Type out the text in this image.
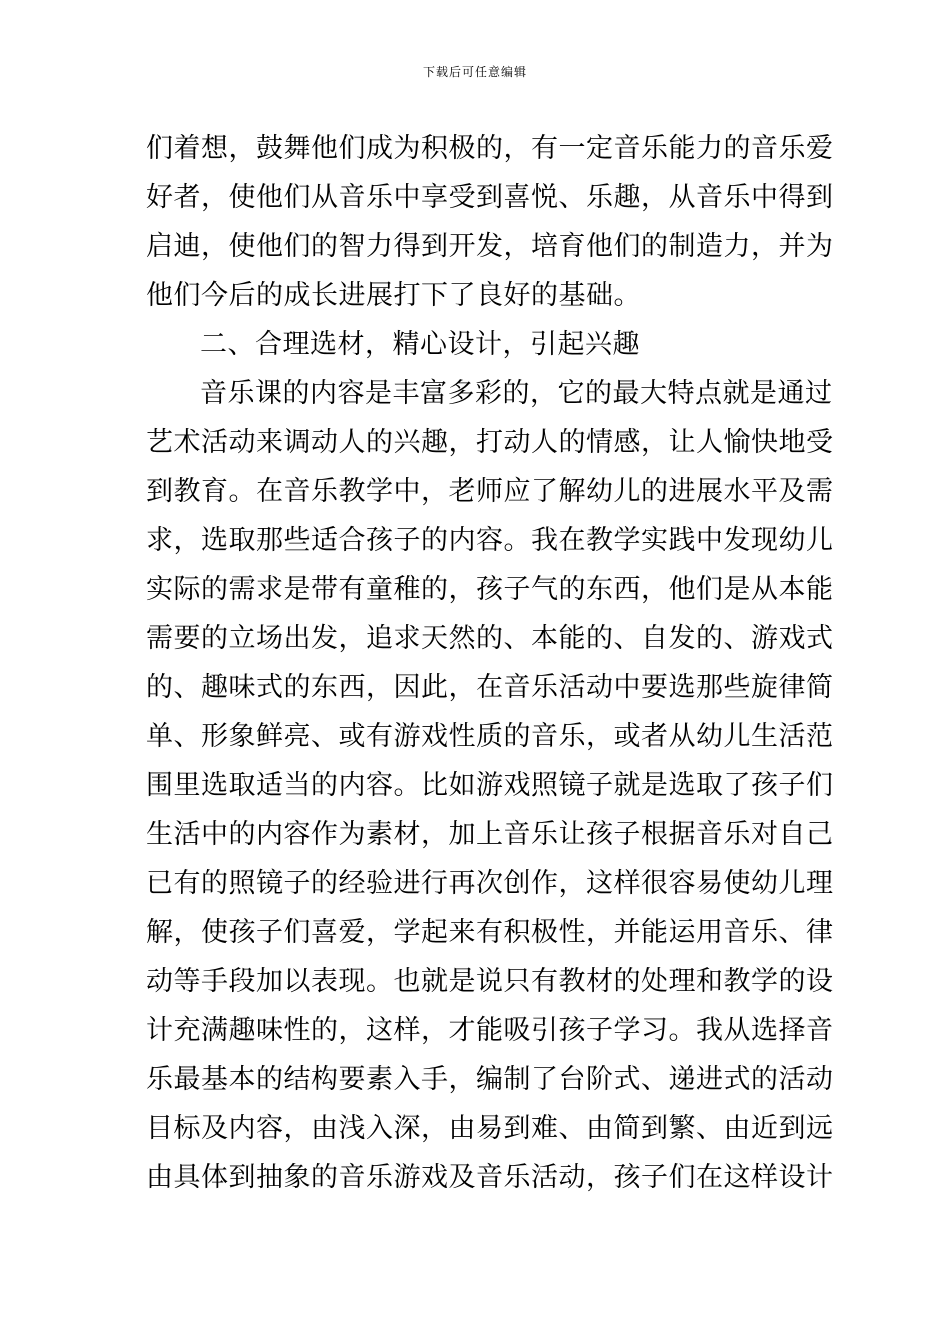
下载后可任意编辑
们着想，鼓舞他们成为积极的，有一定音乐能力的音乐爱
好者，使他们从音乐中享受到喜悦、乐趣，从音乐中得到
启迪，使他们的智力得到开发，培育他们的制造力，并为
他们今后的成长进展打下了良好的基础。
二、合理选材，精心设计，引起兴趣
音乐课的内容是丰富多彩的，它的最大特点就是通过
艺术活动来调动人的兴趣，打动人的情感，让人愉快地受
到教育。在音乐教学中，老师应了解幼儿的进展水平及需
求，选取那些适合孩子的内容。我在教学实践中发现幼儿
实际的需求是带有童稚的，孩子气的东西，他们是从本能
需要的立场出发，追求天然的、本能的、自发的、游戏式
的、趣味式的东西，因此，在音乐活动中要选那些旋律简
单、形象鲜亮、或有游戏性质的音乐，或者从幼儿生活范
围里选取适当的内容。比如游戏照镜子就是选取了孩子们
生活中的内容作为素材，加上音乐让孩子根据音乐对自己
已有的照镜子的经验进行再次创作，这样很容易使幼儿理
解，使孩子们喜爱，学起来有积极性，并能运用音乐、律
动等手段加以表现。也就是说只有教材的处理和教学的设
计充满趣味性的，这样，才能吸引孩子学习。我从选择音
乐最基本的结构要素入手，编制了台阶式、递进式的活动
目标及内容，由浅入深，由易到难、由简到繁、由近到远
由具体到抽象的音乐游戏及音乐活动，孩子们在这样设计
